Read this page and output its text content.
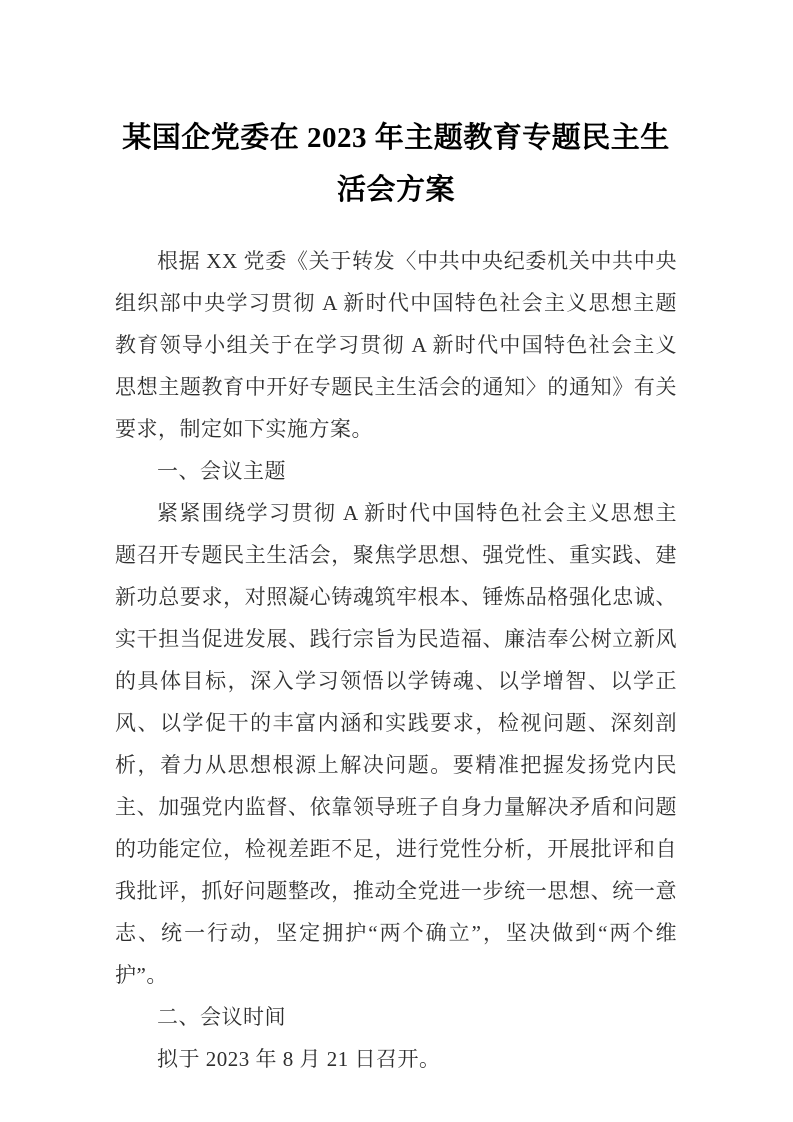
某国企党委在 2023 年主题教育专题民主生活会方案

根据 XX 党委《关于转发〈中共中央纪委机关中共中央组织部中央学习贯彻 A 新时代中国特色社会主义思想主题教育领导小组关于在学习贯彻 A 新时代中国特色社会主义思想主题教育中开好专题民主生活会的通知〉的通知》有关要求，制定如下实施方案。

一、会议主题

紧紧围绕学习贯彻 A 新时代中国特色社会主义思想主题召开专题民主生活会，聚焦学思想、强党性、重实践、建新功总要求，对照凝心铸魂筑牢根本、锤炼品格强化忠诚、实干担当促进发展、践行宗旨为民造福、廉洁奉公树立新风的具体目标，深入学习领悟以学铸魂、以学增智、以学正风、以学促干的丰富内涵和实践要求，检视问题、深刻剖析，着力从思想根源上解决问题。要精准把握发扬党内民主、加强党内监督、依靠领导班子自身力量解决矛盾和问题的功能定位，检视差距不足，进行党性分析，开展批评和自我批评，抓好问题整改，推动全党进一步统一思想、统一意志、统一行动，坚定拥护“两个确立”，坚决做到“两个维护”。

二、会议时间

拟于 2023 年 8 月 21 日召开。
